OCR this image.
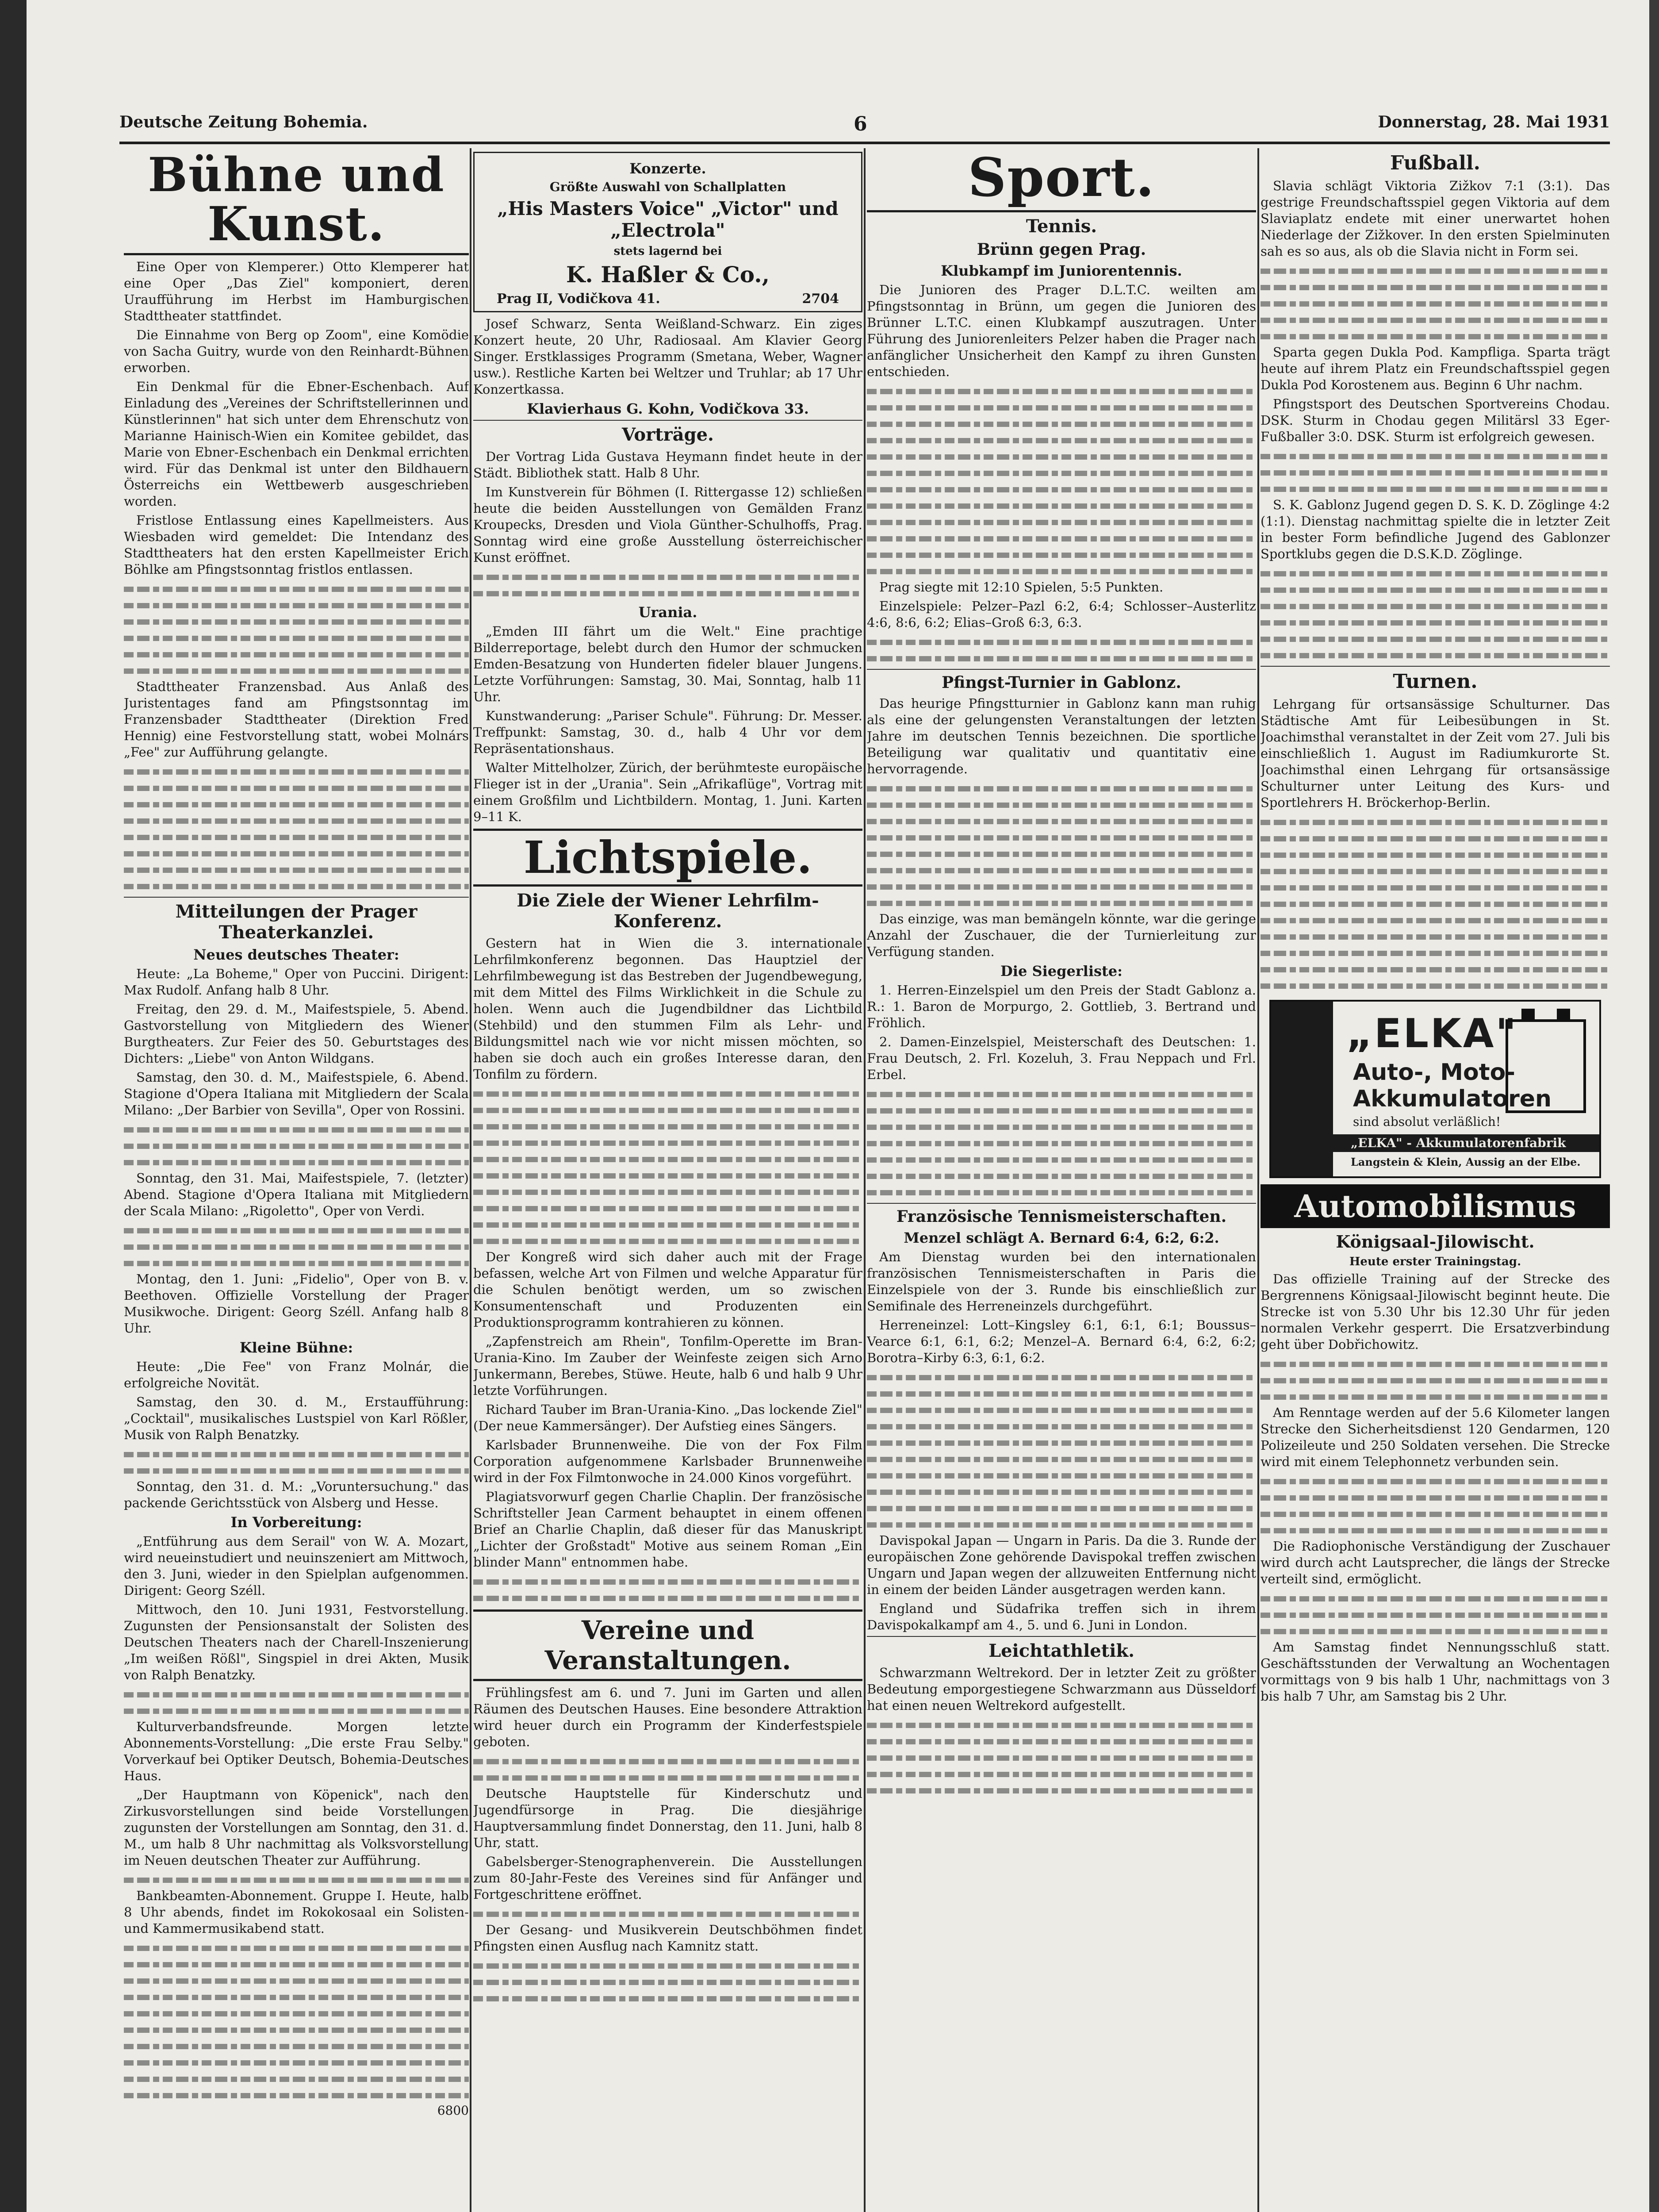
Deutsche Zeitung Bohemia.	6	Donnerstag, 28. Mai 1931
Bühne und Kunst.

Eine Oper von Klemperer.) Otto Klemperer hat eine Oper „Das Ziel" komponiert, deren Uraufführung im Herbst im Hamburgischen Stadttheater stattfindet.

Die Einnahme von Berg op Zoom", eine Komödie von Sacha Guitry, wurde von den Reinhardt-Bühnen erworben.

Ein Denkmal für die Ebner-Eschenbach. Auf Einladung des „Vereines der Schriftstellerinnen und Künstlerinnen" hat sich unter dem Ehrenschutz von Marianne Hainisch-Wien ein Komitee gebildet, das Marie von Ebner-Eschenbach ein Denkmal errichten wird. Für das Denkmal ist unter den Bildhauern Österreichs ein Wettbewerb ausgeschrieben worden.

Fristlose Entlassung eines Kapellmeisters. Aus Wiesbaden wird gemeldet: Die Intendanz des Stadttheaters hat den ersten Kapellmeister Erich Böhlke am Pfingstsonntag fristlos entlassen.

Stadttheater Franzensbad. Aus Anlaß des Juristentages fand am Pfingstsonntag im Franzensbader Stadttheater (Direktion Fred Hennig) eine Festvorstellung statt, wobei Molnárs „Fee" zur Aufführung gelangte.

Mitteilungen der Prager Theaterkanzlei.
Neues deutsches Theater:

Heute: „La Boheme," Oper von Puccini. Dirigent: Max Rudolf. Anfang halb 8 Uhr.

Freitag, den 29. d. M., Maifestspiele, 5. Abend. Gastvorstellung von Mitgliedern des Wiener Burgtheaters. Zur Feier des 50. Geburtstages des Dichters: „Liebe" von Anton Wildgans.

Samstag, den 30. d. M., Maifestspiele, 6. Abend. Stagione d'Opera Italiana mit Mitgliedern der Scala Milano: „Der Barbier von Sevilla", Oper von Rossini.

Sonntag, den 31. Mai, Maifestspiele, 7. (letzter) Abend. Stagione d'Opera Italiana mit Mitgliedern der Scala Milano: „Rigoletto", Oper von Verdi.

Montag, den 1. Juni: „Fidelio", Oper von B. v. Beethoven. Offizielle Vorstellung der Prager Musikwoche. Dirigent: Georg Széll. Anfang halb 8 Uhr.

Kleine Bühne:

Heute: „Die Fee" von Franz Molnár, die erfolgreiche Novität.

Samstag, den 30. d. M., Erstaufführung: „Cocktail", musikalisches Lustspiel von Karl Rößler, Musik von Ralph Benatzky.

Sonntag, den 31. d. M.: „Voruntersuchung." das packende Gerichtsstück von Alsberg und Hesse.

In Vorbereitung:

„Entführung aus dem Serail" von W. A. Mozart, wird neueinstudiert und neuinszeniert am Mittwoch, den 3. Juni, wieder in den Spielplan aufgenommen. Dirigent: Georg Széll.

Mittwoch, den 10. Juni 1931, Festvorstellung. Zugunsten der Pensionsanstalt der Solisten des Deutschen Theaters nach der Charell-Inszenierung „Im weißen Rößl", Singspiel in drei Akten, Musik von Ralph Benatzky.

Kulturverbandsfreunde. Morgen letzte Abonnements-Vorstellung: „Die erste Frau Selby." Vorverkauf bei Optiker Deutsch, Bohemia-Deutsches Haus.

„Der Hauptmann von Köpenick", nach den Zirkusvorstellungen sind beide Vorstellungen zugunsten der Vorstellungen am Sonntag, den 31. d. M., um halb 8 Uhr nachmittag als Volksvorstellung im Neuen deutschen Theater zur Aufführung.

Bankbeamten-Abonnement. Gruppe I. Heute, halb 8 Uhr abends, findet im Rokokosaal ein Solisten- und Kammermusikabend statt.

6800
Konzerte.
Größte Auswahl von Schallplatten
„His Masters Voice" „Victor" und „Electrola"
stets lagernd bei
K. Haßler & Co.,
Prag II, Vodičkova 41.	2704

Josef Schwarz, Senta Weißland-Schwarz. Ein ziges Konzert heute, 20 Uhr, Radiosaal. Am Klavier Georg Singer. Erstklassiges Programm (Smetana, Weber, Wagner usw.). Restliche Karten bei Weltzer und Truhlar; ab 17 Uhr Konzertkassa.

Klavierhaus G. Kohn, Vodičkova 33.
Vorträge.

Der Vortrag Lida Gustava Heymann findet heute in der Städt. Bibliothek statt. Halb 8 Uhr.

Im Kunstverein für Böhmen (I. Rittergasse 12) schließen heute die beiden Ausstellungen von Gemälden Franz Kroupecks, Dresden und Viola Günther-Schulhoffs, Prag. Sonntag wird eine große Ausstellung österreichischer Kunst eröffnet.

Urania.

„Emden III fährt um die Welt." Eine prachtige Bilderreportage, belebt durch den Humor der schmucken Emden-Besatzung von Hunderten fideler blauer Jungens. Letzte Vorführungen: Samstag, 30. Mai, Sonntag, halb 11 Uhr.

Kunstwanderung: „Pariser Schule". Führung: Dr. Messer. Treffpunkt: Samstag, 30. d., halb 4 Uhr vor dem Repräsentationshaus.

Walter Mittelholzer, Zürich, der berühmteste europäische Flieger ist in der „Urania". Sein „Afrikaflüge", Vortrag mit einem Großfilm und Lichtbildern. Montag, 1. Juni. Karten 9–11 K.

Lichtspiele.
Die Ziele der Wiener Lehrfilm-Konferenz.

Gestern hat in Wien die 3. internationale Lehrfilmkonferenz begonnen. Das Hauptziel der Lehrfilmbewegung ist das Bestreben der Jugendbewegung, mit dem Mittel des Films Wirklichkeit in die Schule zu holen. Wenn auch die Jugendbildner das Lichtbild (Stehbild) und den stummen Film als Lehr- und Bildungsmittel nach wie vor nicht missen möchten, so haben sie doch auch ein großes Interesse daran, den Tonfilm zu fördern.

Der Kongreß wird sich daher auch mit der Frage befassen, welche Art von Filmen und welche Apparatur für die Schulen benötigt werden, um so zwischen Konsumentenschaft und Produzenten ein Produktionsprogramm kontrahieren zu können.

„Zapfenstreich am Rhein", Tonfilm-Operette im Bran-Urania-Kino. Im Zauber der Weinfeste zeigen sich Arno Junkermann, Berebes, Stüwe. Heute, halb 6 und halb 9 Uhr letzte Vorführungen.

Richard Tauber im Bran-Urania-Kino. „Das lockende Ziel" (Der neue Kammersänger). Der Aufstieg eines Sängers.

Karlsbader Brunnenweihe. Die von der Fox Film Corporation aufgenommene Karlsbader Brunnenweihe wird in der Fox Filmtonwoche in 24.000 Kinos vorgeführt.

Plagiatsvorwurf gegen Charlie Chaplin. Der französische Schriftsteller Jean Carment behauptet in einem offenen Brief an Charlie Chaplin, daß dieser für das Manuskript „Lichter der Großstadt" Motive aus seinem Roman „Ein blinder Mann" entnommen habe.

Vereine und Veranstaltungen.

Frühlingsfest am 6. und 7. Juni im Garten und allen Räumen des Deutschen Hauses. Eine besondere Attraktion wird heuer durch ein Programm der Kinderfestspiele geboten.

Deutsche Hauptstelle für Kinderschutz und Jugendfürsorge in Prag. Die diesjährige Hauptversammlung findet Donnerstag, den 11. Juni, halb 8 Uhr, statt.

Gabelsberger-Stenographenverein. Die Ausstellungen zum 80-Jahr-Feste des Vereines sind für Anfänger und Fortgeschrittene eröffnet.

Der Gesang- und Musikverein Deutschböhmen findet Pfingsten einen Ausflug nach Kamnitz statt.

Sport.
Tennis.
Brünn gegen Prag.
Klubkampf im Juniorentennis.

Die Junioren des Prager D.L.T.C. weilten am Pfingstsonntag in Brünn, um gegen die Junioren des Brünner L.T.C. einen Klubkampf auszutragen. Unter Führung des Juniorenleiters Pelzer haben die Prager nach anfänglicher Unsicherheit den Kampf zu ihren Gunsten entschieden.

Prag siegte mit 12:10 Spielen, 5:5 Punkten.

Einzelspiele: Pelzer–Pazl 6:2, 6:4; Schlosser–Austerlitz 4:6, 8:6, 6:2; Elias–Groß 6:3, 6:3.

Pfingst-Turnier in Gablonz.

Das heurige Pfingstturnier in Gablonz kann man ruhig als eine der gelungensten Veranstaltungen der letzten Jahre im deutschen Tennis bezeichnen. Die sportliche Beteiligung war qualitativ und quantitativ eine hervorragende.

Das einzige, was man bemängeln könnte, war die geringe Anzahl der Zuschauer, die der Turnierleitung zur Verfügung standen.

Die Siegerliste:

1. Herren-Einzelspiel um den Preis der Stadt Gablonz a. R.: 1. Baron de Morpurgo, 2. Gottlieb, 3. Bertrand und Fröhlich.

2. Damen-Einzelspiel, Meisterschaft des Deutschen: 1. Frau Deutsch, 2. Frl. Kozeluh, 3. Frau Neppach und Frl. Erbel.

Französische Tennismeisterschaften.
Menzel schlägt A. Bernard 6:4, 6:2, 6:2.

Am Dienstag wurden bei den internationalen französischen Tennismeisterschaften in Paris die Einzelspiele von der 3. Runde bis einschließlich zur Semifinale des Herreneinzels durchgeführt.

Herreneinzel: Lott–Kingsley 6:1, 6:1, 6:1; Boussus–Vearce 6:1, 6:1, 6:2; Menzel–A. Bernard 6:4, 6:2, 6:2; Borotra–Kirby 6:3, 6:1, 6:2.

Davispokal Japan — Ungarn in Paris. Da die 3. Runde der europäischen Zone gehörende Davispokal treffen zwischen Ungarn und Japan wegen der allzuweiten Entfernung nicht in einem der beiden Länder ausgetragen werden kann.

England und Südafrika treffen sich in ihrem Davispokalkampf am 4., 5. und 6. Juni in London.

Leichtathletik.

Schwarzmann Weltrekord. Der in letzter Zeit zu größter Bedeutung emporgestiegene Schwarzmann aus Düsseldorf hat einen neuen Weltrekord aufgestellt.

Fußball.

Slavia schlägt Viktoria Zižkov 7:1 (3:1). Das gestrige Freundschaftsspiel gegen Viktoria auf dem Slaviaplatz endete mit einer unerwartet hohen Niederlage der Zižkover. In den ersten Spielminuten sah es so aus, als ob die Slavia nicht in Form sei.

Sparta gegen Dukla Pod. Kampfliga. Sparta trägt heute auf ihrem Platz ein Freundschaftsspiel gegen Dukla Pod Korostenem aus. Beginn 6 Uhr nachm.

Pfingstsport des Deutschen Sportvereins Chodau. DSK. Sturm in Chodau gegen Militärsl 33 Eger-Fußballer 3:0. DSK. Sturm ist erfolgreich gewesen.

S. K. Gablonz Jugend gegen D. S. K. D. Zöglinge 4:2 (1:1). Dienstag nachmittag spielte die in letzter Zeit in bester Form befindliche Jugend des Gablonzer Sportklubs gegen die D.S.K.D. Zöglinge.

Turnen.

Lehrgang für ortsansässige Schulturner. Das Städtische Amt für Leibesübungen in St. Joachimsthal veranstaltet in der Zeit vom 27. Juli bis einschließlich 1. August im Radiumkurorte St. Joachimsthal einen Lehrgang für ortsansässige Schulturner unter Leitung des Kurs- und Sportlehrers H. Bröckerhop-Berlin.

„ELKA"
Auto-, Moto-
Akkumulatoren
sind absolut verläßlich!
„ELKA" - Akkumulatorenfabrik
Langstein & Klein, Aussig an der Elbe.
Automobilismus
Königsaal-Jilowischt.
Heute erster Trainingstag.

Das offizielle Training auf der Strecke des Bergrennens Königsaal-Jilowischt beginnt heute. Die Strecke ist von 5.30 Uhr bis 12.30 Uhr für jeden normalen Verkehr gesperrt. Die Ersatzverbindung geht über Dobřichowitz.

Am Renntage werden auf der 5.6 Kilometer langen Strecke den Sicherheitsdienst 120 Gendarmen, 120 Polizeileute und 250 Soldaten versehen. Die Strecke wird mit einem Telephonnetz verbunden sein.

Die Radiophonische Verständigung der Zuschauer wird durch acht Lautsprecher, die längs der Strecke verteilt sind, ermöglicht.

Am Samstag findet Nennungsschluß statt. Geschäftsstunden der Verwaltung an Wochentagen vormittags von 9 bis halb 1 Uhr, nachmittags von 3 bis halb 7 Uhr, am Samstag bis 2 Uhr.
